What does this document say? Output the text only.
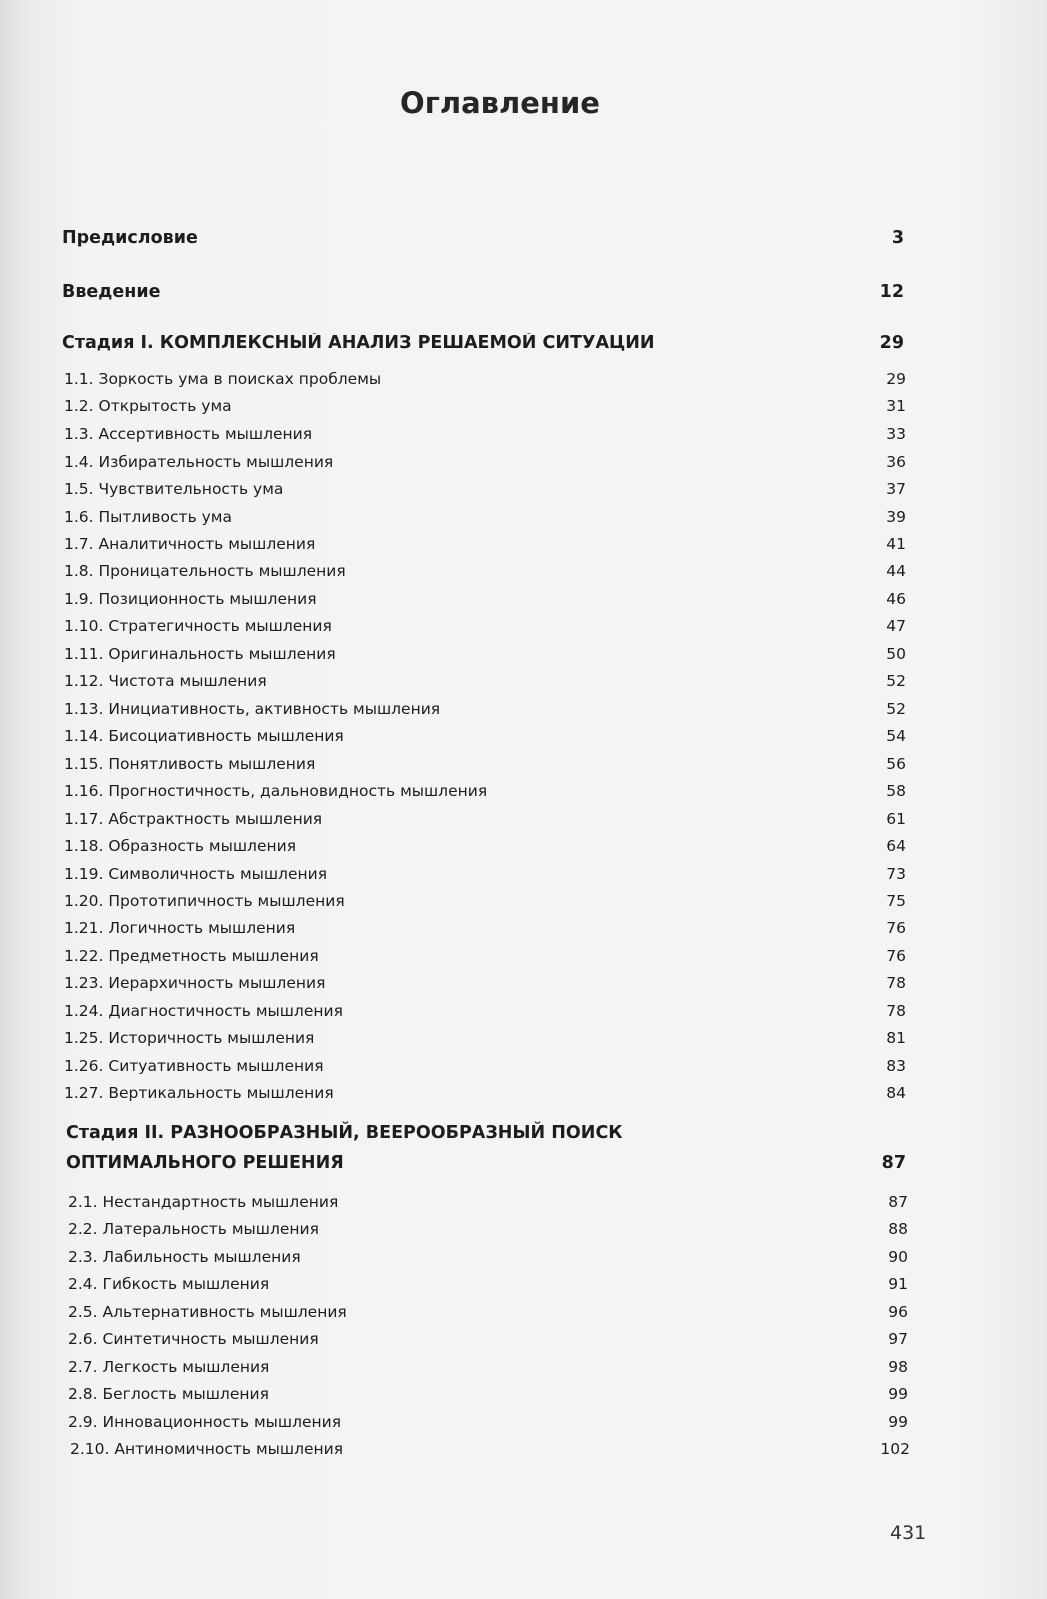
Оглавление
Предисловие	3
Введение	12
Стадия I. КОМПЛЕКСНЫЙ АНАЛИЗ РЕШАЕМОЙ СИТУАЦИИ	29
1.1. Зоркость ума в поисках проблемы	29
1.2. Открытость ума	31
1.3. Ассертивность мышления	33
1.4. Избирательность мышления	36
1.5. Чувствительность ума	37
1.6. Пытливость ума	39
1.7. Аналитичность мышления	41
1.8. Проницательность мышления	44
1.9. Позиционность мышления	46
1.10. Стратегичность мышления	47
1.11. Оригинальность мышления	50
1.12. Чистота мышления	52
1.13. Инициативность, активность мышления	52
1.14. Бисоциативность мышления	54
1.15. Понятливость мышления	56
1.16. Прогностичность, дальновидность мышления	58
1.17. Абстрактность мышления	61
1.18. Образность мышления	64
1.19. Символичность мышления	73
1.20. Прототипичность мышления	75
1.21. Логичность мышления	76
1.22. Предметность мышления	76
1.23. Иерархичность мышления	78
1.24. Диагностичность мышления	78
1.25. Историчность мышления	81
1.26. Ситуативность мышления	83
1.27. Вертикальность мышления	84
Стадия II. РАЗНООБРАЗНЫЙ, ВЕЕРООБРАЗНЫЙ ПОИСК
ОПТИМАЛЬНОГО РЕШЕНИЯ	87
2.1. Нестандартность мышления	87
2.2. Латеральность мышления	88
2.3. Лабильность мышления	90
2.4. Гибкость мышления	91
2.5. Альтернативность мышления	96
2.6. Синтетичность мышления	97
2.7. Легкость мышления	98
2.8. Беглость мышления	99
2.9. Инновационность мышления	99
2.10. Антиномичность мышления	102
431
